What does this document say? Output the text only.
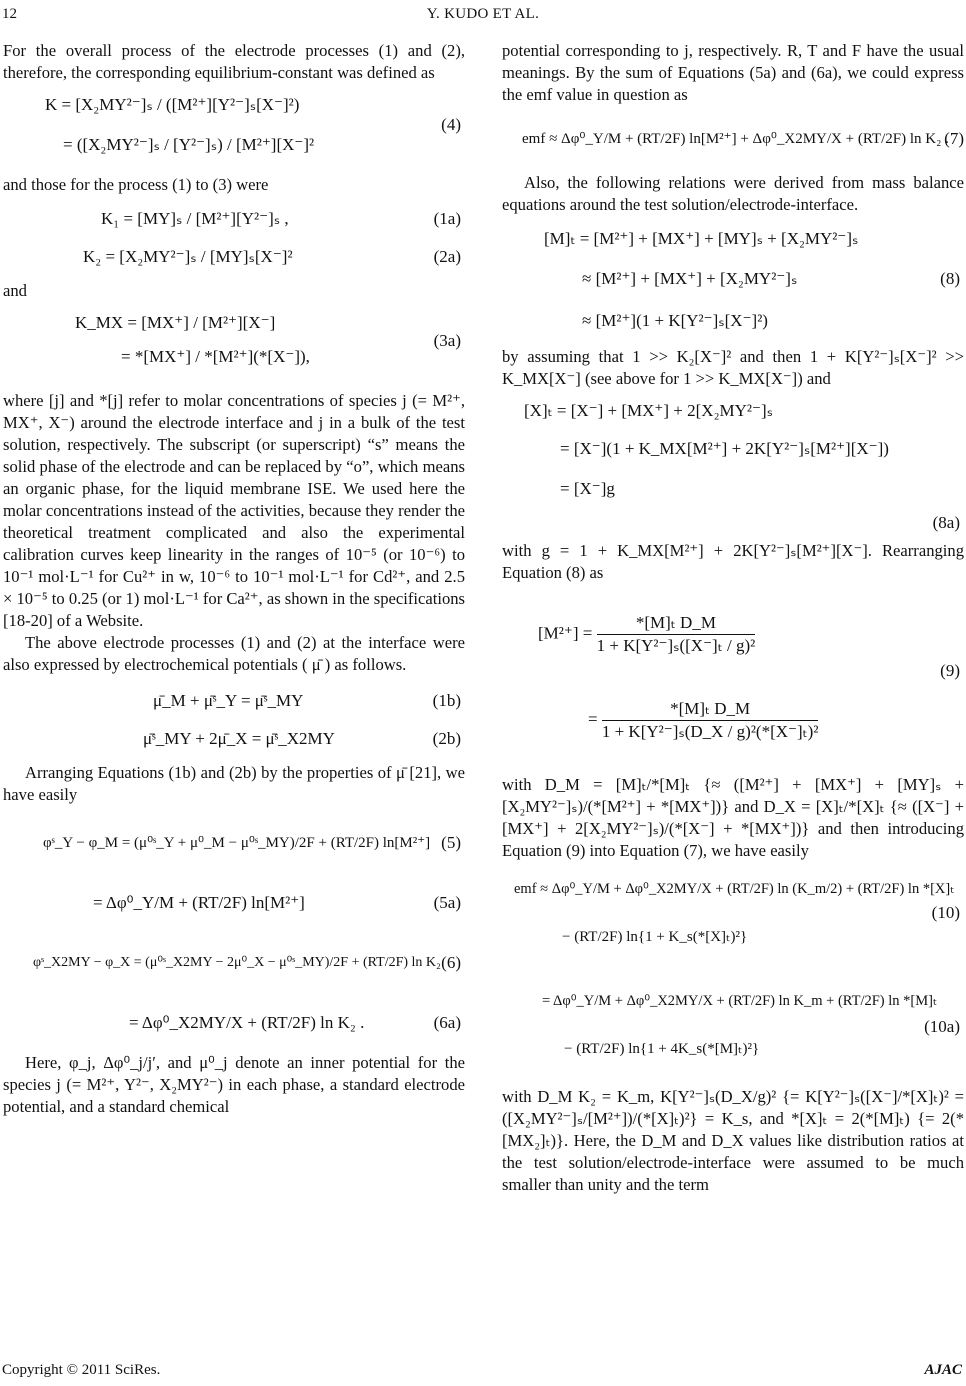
12	Y. KUDO ET AL.

For the overall process of the electrode processes (1) and (2), therefore, the corresponding equilibrium-constant was defined as

K = [X₂MY²⁻]ₛ / ([M²⁺][Y²⁻]ₛ[X⁻]²)
= ([X₂MY²⁻]ₛ / [Y²⁻]ₛ) / [M²⁺][X⁻]²
(4)

and those for the process (1) to (3) were

K₁ = [MY]ₛ / [M²⁺][Y²⁻]ₛ ,	(1a)
K₂ = [X₂MY²⁻]ₛ / [MY]ₛ[X⁻]²	(2a)

and

K_MX = [MX⁺] / [M²⁺][X⁻]
= *[MX⁺] / *[M²⁺](*[X⁻]),
(3a)

where [j] and *[j] refer to molar concentrations of species j (= M²⁺, MX⁺, X⁻) around the electrode interface and j in a bulk of the test solution, respectively. The subscript (or superscript) “s” means the solid phase of the electrode and can be replaced by “o”, which means an organic phase, for the liquid membrane ISE. We used here the molar concentrations instead of the activities, because they render the theoretical treatment complicated and also the experimental calibration curves keep linearity in the ranges of 10⁻⁵ (or 10⁻⁶) to 10⁻¹ mol·L⁻¹ for Cu²⁺ in w, 10⁻⁶ to 10⁻¹ mol·L⁻¹ for Cd²⁺, and 2.5 × 10⁻⁵ to 0.25 (or 1) mol·L⁻¹ for Ca²⁺, as shown in the specifications [18-20] of a Website.

The above electrode processes (1) and (2) at the interface were also expressed by electrochemical potentials ( μ̄ ) as follows.

μ̄_M + μ̄ˢ_Y = μ̄ˢ_MY	(1b)
μ̄ˢ_MY + 2μ̄_X = μ̄ˢ_X2MY	(2b)

Arranging Equations (1b) and (2b) by the properties of μ̄ [21], we have easily

φˢ_Y − φ_M = (μ⁰ˢ_Y + μ⁰_M − μ⁰ˢ_MY)/2F + (RT/2F) ln[M²⁺] (5)
= Δφ⁰_Y/M + (RT/2F) ln[M²⁺]	(5a)
φˢ_X2MY − φ_X = (μ⁰ˢ_X2MY − 2μ⁰_X − μ⁰ˢ_MY)/2F + (RT/2F) ln K₂ (6)
= Δφ⁰_X2MY/X + (RT/2F) ln K₂ .	(6a)

Here, φ_j, Δφ⁰_j/j′, and μ⁰_j denote an inner potential for the species j (= M²⁺, Y²⁻, X₂MY²⁻) in each phase, a standard electrode potential, and a standard chemical

potential corresponding to j, respectively. R, T and F have the usual meanings. By the sum of Equations (5a) and (6a), we could express the emf value in question as

emf ≈ Δφ⁰_Y/M + (RT/2F) ln[M²⁺] + Δφ⁰_X2MY/X + (RT/2F) ln K₂ .
(7)

Also, the following relations were derived from mass balance equations around the test solution/electrode-interface.

[M]ₜ = [M²⁺] + [MX⁺] + [MY]ₛ + [X₂MY²⁻]ₛ
≈ [M²⁺] + [MX⁺] + [X₂MY²⁻]ₛ
≈ [M²⁺](1 + K[Y²⁻]ₛ[X⁻]²)
(8)

by assuming that 1 >> K₂[X⁻]² and then 1 + K[Y²⁻]ₛ[X⁻]² >> K_MX[X⁻] (see above for 1 >> K_MX[X⁻]) and

[X]ₜ = [X⁻] + [MX⁺] + 2[X₂MY²⁻]ₛ
= [X⁻](1 + K_MX[M²⁺] + 2K[Y²⁻]ₛ[M²⁺][X⁻])
= [X⁻]g
(8a)

with g = 1 + K_MX[M²⁺] + 2K[Y²⁻]ₛ[M²⁺][X⁻]. Rearranging Equation (8) as

$[M^{2+}] = \frac{\text{*[M]ₜ D\_M}}{\text{1 + K[Y²⁻]ₛ([X⁻]ₜ / g)²}}$
= $\frac{\text{*[M]ₜ D\_M}}{\text{1 + K[Y²⁻]ₛ(D\_X / g)²(*[X⁻]ₜ)²}}$
(9)

with D_M = [M]ₜ/*[M]ₜ {≈ ([M²⁺] + [MX⁺] + [MY]ₛ + [X₂MY²⁻]ₛ)/(*[M²⁺] + *[MX⁺])} and D_X = [X]ₜ/*[X]ₜ {≈ ([X⁻] + [MX⁺] + 2[X₂MY²⁻]ₛ)/(*[X⁻] + *[MX⁺])} and then introducing Equation (9) into Equation (7), we have easily

emf ≈ Δφ⁰_Y/M + Δφ⁰_X2MY/X + (RT/2F) ln (K_m/2) + (RT/2F) ln *[X]ₜ
− (RT/2F) ln{1 + K_s(*[X]ₜ)²}
(10)
= Δφ⁰_Y/M + Δφ⁰_X2MY/X + (RT/2F) ln K_m + (RT/2F) ln *[M]ₜ
− (RT/2F) ln{1 + 4K_s(*[M]ₜ)²}
(10a)

with D_M K₂ = K_m, K[Y²⁻]ₛ(D_X/g)² {= K[Y²⁻]ₛ([X⁻]/*[X]ₜ)² = ([X₂MY²⁻]ₛ/[M²⁺])/(*[X]ₜ)²} = K_s, and *[X]ₜ = 2(*[M]ₜ) {= 2(*[MX₂]ₜ)}. Here, the D_M and D_X values like distribution ratios at the test solution/electrode-interface were assumed to be much smaller than unity and the term

Copyright © 2011 SciRes.	AJAC
